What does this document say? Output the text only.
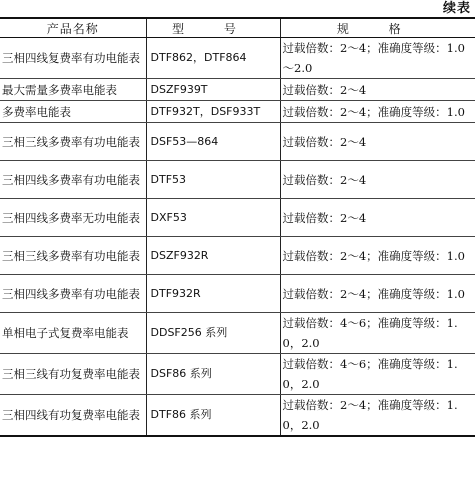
续表
产品名称	型 号	规 格
三相四线复费率有功电能表	DTF862，DTF864	过载倍数：2～4；准确度等级：1.0～2.0
最大需量多费率电能表	DSZF939T	过载倍数：2～4
多费率电能表	DTF932T，DSF933T	过载倍数：2～4；准确度等级：1.0
三相三线多费率有功电能表	DSF53—864	过载倍数：2～4
三相四线多费率有功电能表	DTF53	过载倍数：2～4
三相四线多费率无功电能表	DXF53	过载倍数：2～4
三相三线多费率有功电能表	DSZF932R	过载倍数：2～4；准确度等级：1.0
三相四线多费率有功电能表	DTF932R	过载倍数：2～4；准确度等级：1.0
单相电子式复费率电能表	DDSF256 系列	过载倍数：4～6；准确度等级：1.0，2.0
三相三线有功复费率电能表	DSF86 系列	过载倍数：4～6；准确度等级：1.0，2.0
三相四线有功复费率电能表	DTF86 系列	过载倍数：2～4；准确度等级：1.0，2.0
